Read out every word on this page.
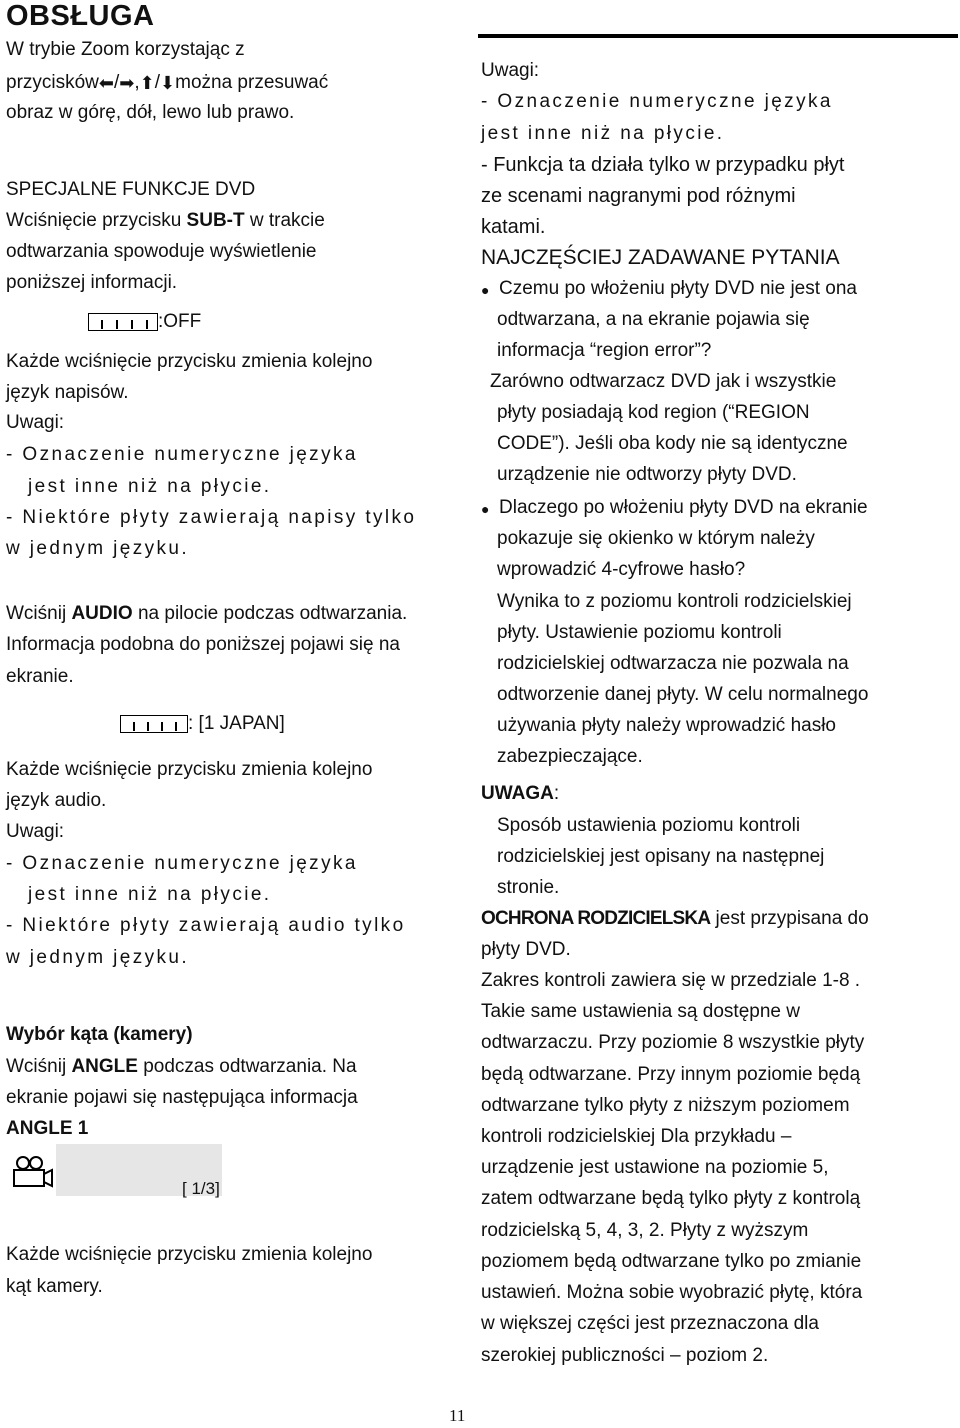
OBSŁUGA
W trybie Zoom korzystając z
przycisków⬅/➡,⬆/⬇można przesuwać
obraz w górę, dół, lewo lub prawo.
SPECJALNE FUNKCJE DVD
Wciśnięcie przycisku SUB-T w trakcie
odtwarzania spowoduje wyświetlenie
poniższej informacji.
:OFF
Każde wciśnięcie przycisku zmienia kolejno
język napisów.
Uwagi:
- Oznaczenie numeryczne języka
jest inne niż na płycie.
- Niektóre płyty zawierają napisy tylko
w jednym języku.
Wciśnij AUDIO na pilocie podczas odtwarzania.
Informacja podobna do poniższej pojawi się na
ekranie.
: [1 JAPAN]
Każde wciśnięcie przycisku zmienia kolejno
język audio.
Uwagi:
- Oznaczenie numeryczne języka
jest inne niż na płycie.
- Niektóre płyty zawierają audio tylko
w jednym języku.
Wybór kąta (kamery)
Wciśnij ANGLE podczas odtwarzania. Na
ekranie pojawi się następująca informacja
ANGLE 1
[ 1/3]
Każde wciśnięcie przycisku zmienia kolejno
kąt kamery.
Uwagi:
- Oznaczenie numeryczne języka
jest inne niż na płycie.
- Funkcja ta działa tylko w przypadku płyt
ze scenami nagranymi pod różnymi
katami.
NAJCZĘŚCIEJ ZADAWANE PYTANIA
● Czemu po włożeniu płyty DVD nie jest ona
odtwarzana, a na ekranie pojawia się
informacja “region error”?
Zarówno odtwarzacz DVD jak i wszystkie
płyty posiadają kod region (“REGION
CODE”). Jeśli oba kody nie są identyczne
urządzenie nie odtworzy płyty DVD.
● Dlaczego po włożeniu płyty DVD na ekranie
pokazuje się okienko w którym należy
wprowadzić 4-cyfrowe hasło?
Wynika to z poziomu kontroli rodzicielskiej
płyty. Ustawienie poziomu kontroli
rodzicielskiej odtwarzacza nie pozwala na
odtworzenie danej płyty. W celu normalnego
używania płyty należy wprowadzić hasło
zabezpieczające.
UWAGA:
Sposób ustawienia poziomu kontroli
rodzicielskiej jest opisany na następnej
stronie.
OCHRONA RODZICIELSKA jest przypisana do
płyty DVD.
Zakres kontroli zawiera się w przedziale 1-8 .
Takie same ustawienia są dostępne w
odtwarzaczu. Przy poziomie 8 wszystkie płyty
będą odtwarzane. Przy innym poziomie będą
odtwarzane tylko płyty z niższym poziomem
kontroli rodzicielskiej Dla przykładu –
urządzenie jest ustawione na poziomie 5,
zatem odtwarzane będą tylko płyty z kontrolą
rodzicielską 5, 4, 3, 2. Płyty z wyższym
poziomem będą odtwarzane tylko po zmianie
ustawień. Można sobie wyobrazić płytę, która
w większej części jest przeznaczona dla
szerokiej publiczności – poziom 2.
11
